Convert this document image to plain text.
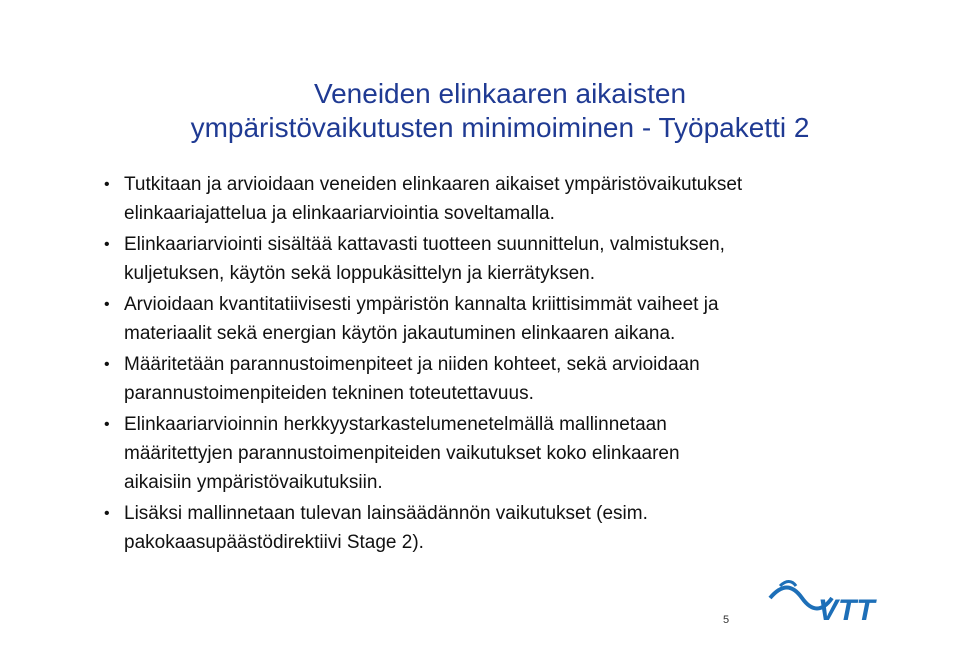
Veneiden elinkaaren aikaisten
ympäristövaikutusten minimoiminen - Työpaketti 2
• Tutkitaan ja arvioidaan veneiden elinkaaren aikaiset ympäristövaikutukset
elinkaariajattelua ja elinkaariarviointia soveltamalla.
• Elinkaariarviointi sisältää kattavasti tuotteen suunnittelun, valmistuksen,
kuljetuksen, käytön sekä loppukäsittelyn ja kierrätyksen.
• Arvioidaan kvantitatiivisesti ympäristön kannalta kriittisimmät vaiheet ja
materiaalit sekä energian käytön jakautuminen elinkaaren aikana.
• Määritetään parannustoimenpiteet ja niiden kohteet, sekä arvioidaan
parannustoimenpiteiden tekninen toteutettavuus.
• Elinkaariarvioinnin herkkyystarkastelumenetelmällä mallinnetaan
määritettyjen parannustoimenpiteiden vaikutukset koko elinkaaren
aikaisiin ympäristövaikutuksiin.
• Lisäksi mallinnetaan tulevan lainsäädännön vaikutukset (esim.
pakokaasupäästödirektiivi Stage 2).
5	VTT
